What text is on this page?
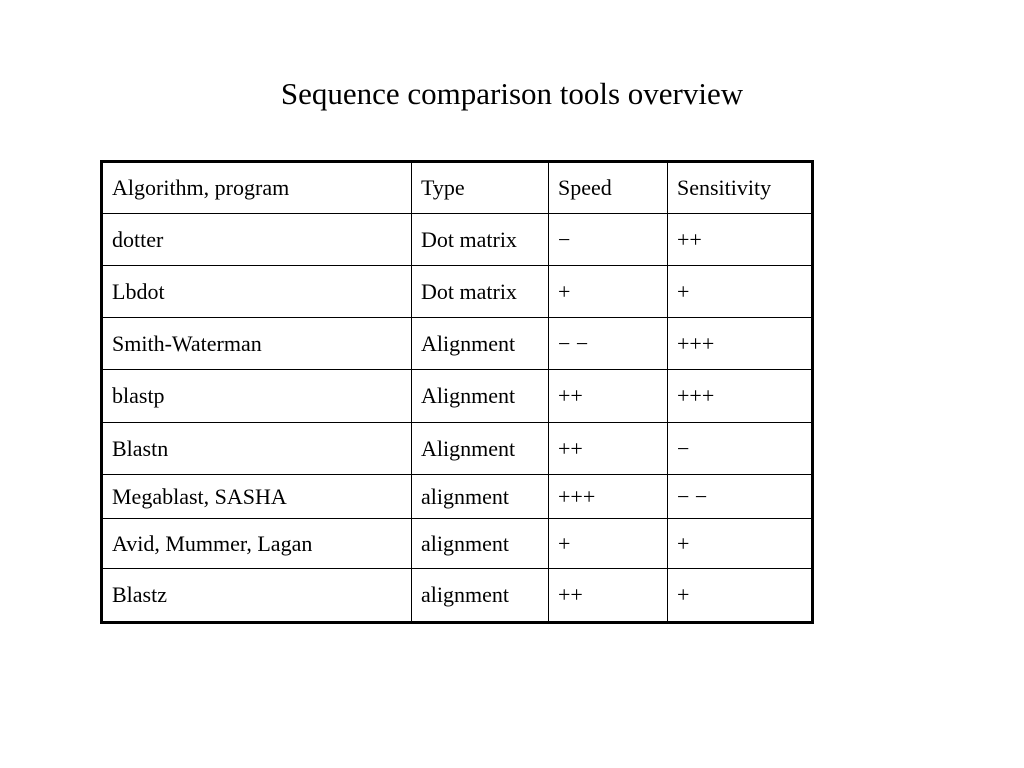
Sequence comparison tools overview
Algorithm, program	Type	Speed	Sensitivity
dotter	Dot matrix	−	++
Lbdot	Dot matrix	+	+
Smith-Waterman	Alignment	− −	+++
blastp	Alignment	++	+++
Blastn	Alignment	++	−
Megablast, SASHA	alignment	+++	− −
Avid, Mummer, Lagan	alignment	+	+
Blastz	alignment	++	+
